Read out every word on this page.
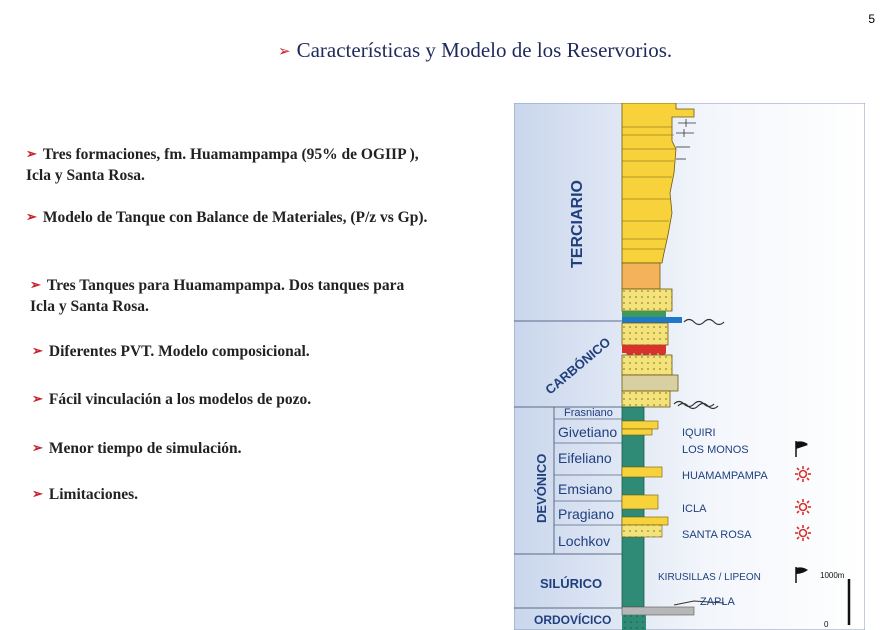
5
➢ Características y Modelo de los Reservorios.
➢ Tres formaciones, fm. Huamampampa (95% de OGIIP ),
Icla y Santa Rosa.
➢ Modelo de Tanque con Balance de Materiales, (P/z vs Gp).
➢ Tres Tanques para Huamampampa. Dos tanques para
Icla y Santa Rosa.
➢ Diferentes PVT. Modelo composicional.
➢ Fácil vinculación a los modelos de pozo.
➢ Menor tiempo de simulación.
➢ Limitaciones.
TERCIARIO
CARBÓNICO
DEVÓNICO
SILÚRICO
ORDOVÍCICO
Frasniano
Givetiano
Eifeliano
Emsiano
Pragiano
Lochkov
IQUIRI
LOS MONOS
HUAMAMPAMPA
ICLA
SANTA ROSA
KIRUSILLAS / LIPEON
ZAPLA
1000m
0
